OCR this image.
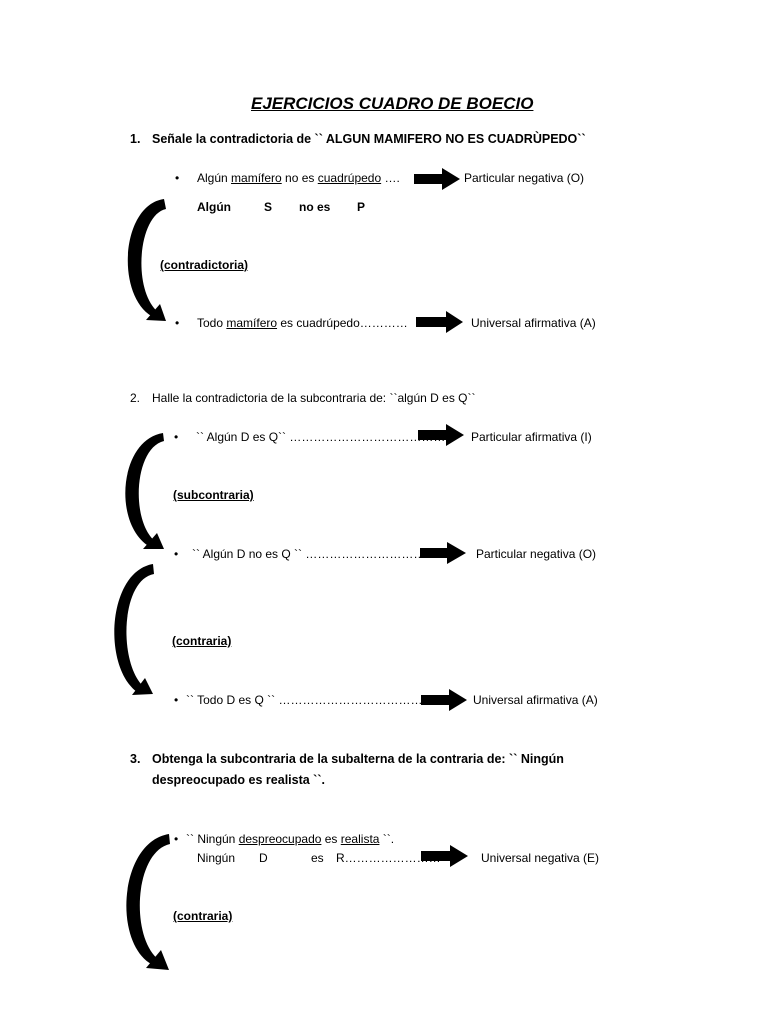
EJERCICIOS CUADRO DE BOECIO
1. Señale la contradictoria de `` ALGUN MAMIFERO NO ES CUADRÙPEDO``
• Algún mamífero no es cuadrúpedo ….	Particular negativa (O)
Algún	S no es P
(contradictoria)
• Todo mamífero es cuadrúpedo…………	Universal afirmativa (A)
2. Halle la contradictoria de la subcontraria de: ``algún D es Q``
• `` Algún D es Q`` …………………………………. Particular afirmativa (I)
(subcontraria)
• `` Algún D no es Q `` ……………………………	Particular negativa (O)
(contraria)
• `` Todo D es Q `` …………………………………… Universal afirmativa (A)
3. Obtenga la subcontraria de la subalterna de la contraria de: `` Ningún
despreocupado es realista ``.
• `` Ningún despreocupado es realista ``.
Ningún D	es R……………………	Universal negativa (E)
(contraria)
